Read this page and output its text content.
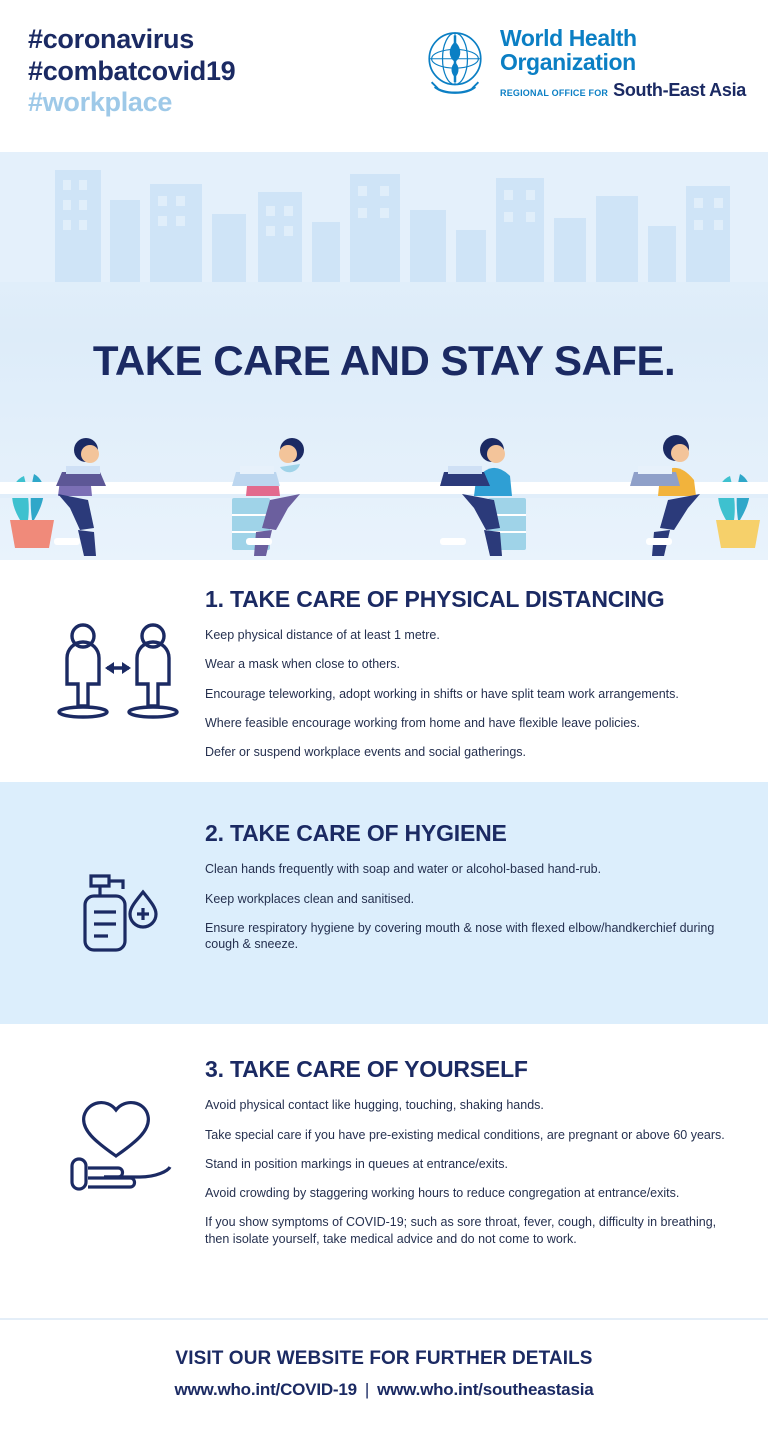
#coronavirus
#combatcovid19
#workplace
World Health
Organization
REGIONAL OFFICE FOR South-East Asia
TAKE CARE AND STAY SAFE.
1. TAKE CARE OF PHYSICAL DISTANCING
Keep physical distance of at least 1 metre.
Wear a mask when close to others.
Encourage teleworking, adopt working in shifts or have split team work arrangements.
Where feasible encourage working from home and have flexible leave policies.
Defer or suspend workplace events and social gatherings.
2. TAKE CARE OF HYGIENE
Clean hands frequently with soap and water or alcohol-based hand-rub.
Keep workplaces clean and sanitised.
Ensure respiratory hygiene by covering mouth & nose with flexed elbow/handkerchief during cough & sneeze.
3. TAKE CARE OF YOURSELF
Avoid physical contact like hugging, touching, shaking hands.
Take special care if you have pre-existing medical conditions, are pregnant or above 60 years.
Stand in position markings in queues at entrance/exits.
Avoid crowding by staggering working hours to reduce congregation at entrance/exits.
If you show symptoms of COVID-19; such as sore throat, fever, cough, difficulty in breathing, then isolate yourself, take medical advice and do not come to work.
VISIT OUR WEBSITE FOR FURTHER DETAILS
www.who.int/COVID-19 | www.who.int/southeastasia
